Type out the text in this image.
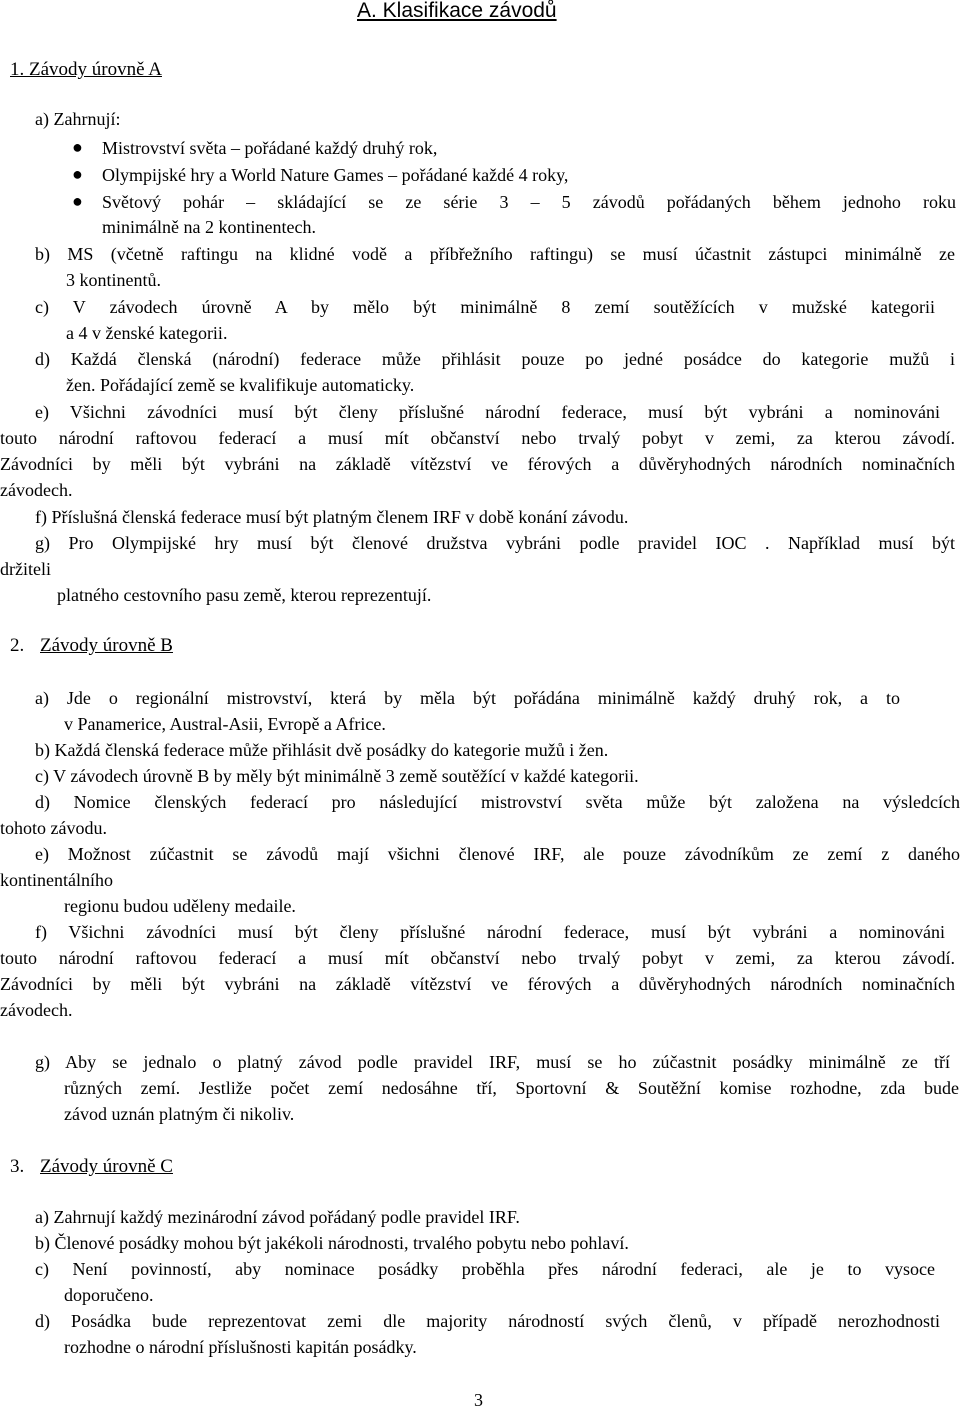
A. Klasifikace závodů
1. Závody úrovně A
a) Zahrnují:
● Mistrovství světa – pořádané každý druhý rok,
● Olympijské hry a World Nature Games – pořádané každé 4 roky,
● Světový pohár – skládající se ze série 3 – 5 závodů pořádaných během jednoho roku
minimálně na 2 kontinentech.
b) MS (včetně raftingu na klidné vodě a příbřežního raftingu) se musí účastnit zástupci minimálně ze
3 kontinentů.
c) V závodech úrovně A by mělo být minimálně 8 zemí soutěžících v mužské kategorii
a 4 v ženské kategorii.
d) Každá členská (národní) federace může přihlásit pouze po jedné posádce do kategorie mužů i
žen. Pořádající země se kvalifikuje automaticky.
e) Všichni závodníci musí být členy příslušné národní federace, musí být vybráni a nominováni
touto národní raftovou federací a musí mít občanství nebo trvalý pobyt v zemi, za kterou závodí.
Závodníci by měli být vybráni na základě vítězství ve férových a důvěryhodných národních nominačních
závodech.
f) Příslušná členská federace musí být platným členem IRF v době konání závodu.
g) Pro Olympijské hry musí být členové družstva vybráni podle pravidel IOC . Například musí být
držiteli
platného cestovního pasu země, kterou reprezentují.
2. Závody úrovně B
a) Jde o regionální mistrovství, která by měla být pořádána minimálně každý druhý rok, a to
v Panamerice, Austral-Asii, Evropě a Africe.
b) Každá členská federace může přihlásit dvě posádky do kategorie mužů i žen.
c) V závodech úrovně B by měly být minimálně 3 země soutěžící v každé kategorii.
d) Nomice členských federací pro následující mistrovství světa může být založena na výsledcích
tohoto závodu.
e) Možnost zúčastnit se závodů mají všichni členové IRF, ale pouze závodníkům ze zemí z daného
kontinentálního
regionu budou uděleny medaile.
f) Všichni závodníci musí být členy příslušné národní federace, musí být vybráni a nominováni
touto národní raftovou federací a musí mít občanství nebo trvalý pobyt v zemi, za kterou závodí.
Závodníci by měli být vybráni na základě vítězství ve férových a důvěryhodných národních nominačních
závodech.
g) Aby se jednalo o platný závod podle pravidel IRF, musí se ho zúčastnit posádky minimálně ze tří
různých zemí. Jestliže počet zemí nedosáhne tří, Sportovní & Soutěžní komise rozhodne, zda bude
závod uznán platným či nikoliv.
3. Závody úrovně C
a) Zahrnují každý mezinárodní závod pořádaný podle pravidel IRF.
b) Členové posádky mohou být jakékoli národnosti, trvalého pobytu nebo pohlaví.
c) Není povinností, aby nominace posádky proběhla přes národní federaci, ale je to vysoce
doporučeno.
d) Posádka bude reprezentovat zemi dle majority národností svých členů, v případě nerozhodnosti
rozhodne o národní příslušnosti kapitán posádky.
3
